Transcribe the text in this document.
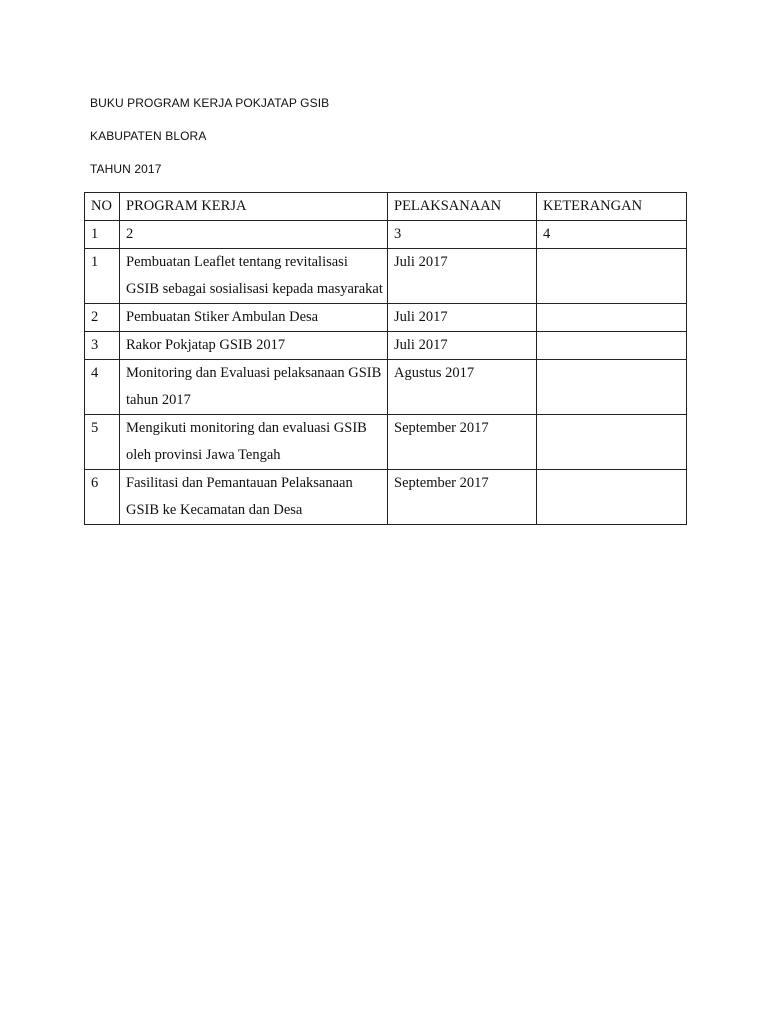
BUKU PROGRAM KERJA POKJATAP GSIB
KABUPATEN BLORA
TAHUN 2017
NO	PROGRAM KERJA	PELAKSANAAN	KETERANGAN
1	2	3	4
1	Pembuatan Leaflet tentang revitalisasi GSIB sebagai sosialisasi kepada masyarakat	Juli 2017	
2	Pembuatan Stiker Ambulan Desa	Juli 2017	
3	Rakor Pokjatap GSIB 2017	Juli 2017	
4	Monitoring dan Evaluasi pelaksanaan GSIB tahun 2017	Agustus 2017	
5	Mengikuti monitoring dan evaluasi GSIB oleh provinsi Jawa Tengah	September 2017	
6	Fasilitasi dan Pemantauan Pelaksanaan GSIB ke Kecamatan dan Desa	September 2017	
